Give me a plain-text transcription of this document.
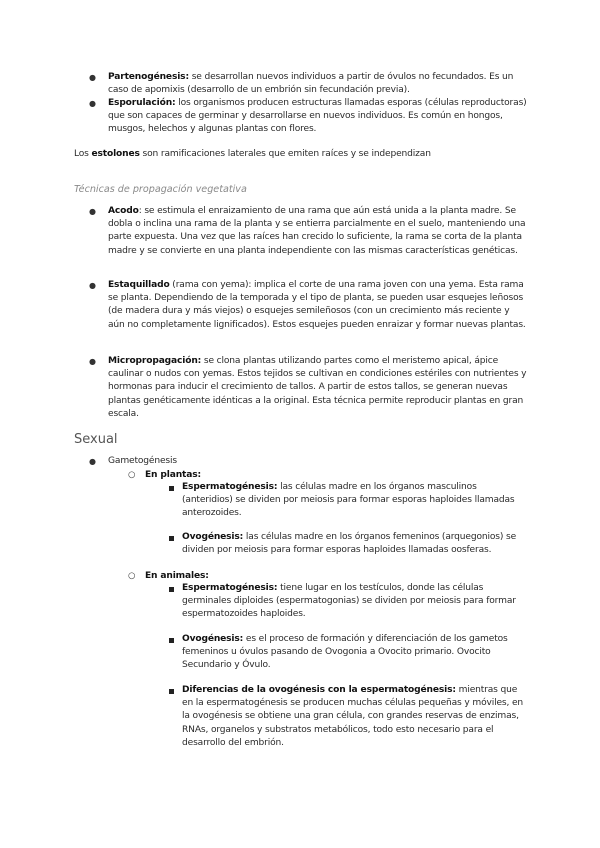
● Partenogénesis: se desarrollan nuevos individuos a partir de óvulos no fecundados. Es un caso de apomixis (desarrollo de un embrión sin fecundación previa).
● Esporulación: los organismos producen estructuras llamadas esporas (células reproductoras) que son capaces de germinar y desarrollarse en nuevos individuos. Es común en hongos, musgos, helechos y algunas plantas con flores.
Los estolones son ramificaciones laterales que emiten raíces y se independizan
Técnicas de propagación vegetativa
● Acodo: se estimula el enraizamiento de una rama que aún está unida a la planta madre. Se dobla o inclina una rama de la planta y se entierra parcialmente en el suelo, manteniendo una parte expuesta. Una vez que las raíces han crecido lo suficiente, la rama se corta de la planta madre y se convierte en una planta independiente con las mismas características genéticas.
● Estaquillado (rama con yema): implica el corte de una rama joven con una yema. Esta rama se planta. Dependiendo de la temporada y el tipo de planta, se pueden usar esquejes leñosos (de madera dura y más viejos) o esquejes semileñosos (con un crecimiento más reciente y aún no completamente lignificados). Estos esquejes pueden enraizar y formar nuevas plantas.
● Micropropagación: se clona plantas utilizando partes como el meristemo apical, ápice caulinar o nudos con yemas. Estos tejidos se cultivan en condiciones estériles con nutrientes y hormonas para inducir el crecimiento de tallos. A partir de estos tallos, se generan nuevas plantas genéticamente idénticas a la original. Esta técnica permite reproducir plantas en gran escala.
Sexual
● Gametogénesis
○ En plantas:
Espermatogénesis: las células madre en los órganos masculinos (anteridios) se dividen por meiosis para formar esporas haploides llamadas anterozoides.
Ovogénesis: las células madre en los órganos femeninos (arquegonios) se dividen por meiosis para formar esporas haploides llamadas oosferas.
○ En animales:
Espermatogénesis: tiene lugar en los testículos, donde las células germinales diploides (espermatogonias) se dividen por meiosis para formar espermatozoides haploides.
Ovogénesis: es el proceso de formación y diferenciación de los gametos femeninos u óvulos pasando de Ovogonia a Ovocito primario. Ovocito Secundario y Óvulo.
Diferencias de la ovogénesis con la espermatogénesis: mientras que en la espermatogénesis se producen muchas células pequeñas y móviles, en la ovogénesis se obtiene una gran célula, con grandes reservas de enzimas, RNAs, organelos y substratos metabólicos, todo esto necesario para el desarrollo del embrión.
